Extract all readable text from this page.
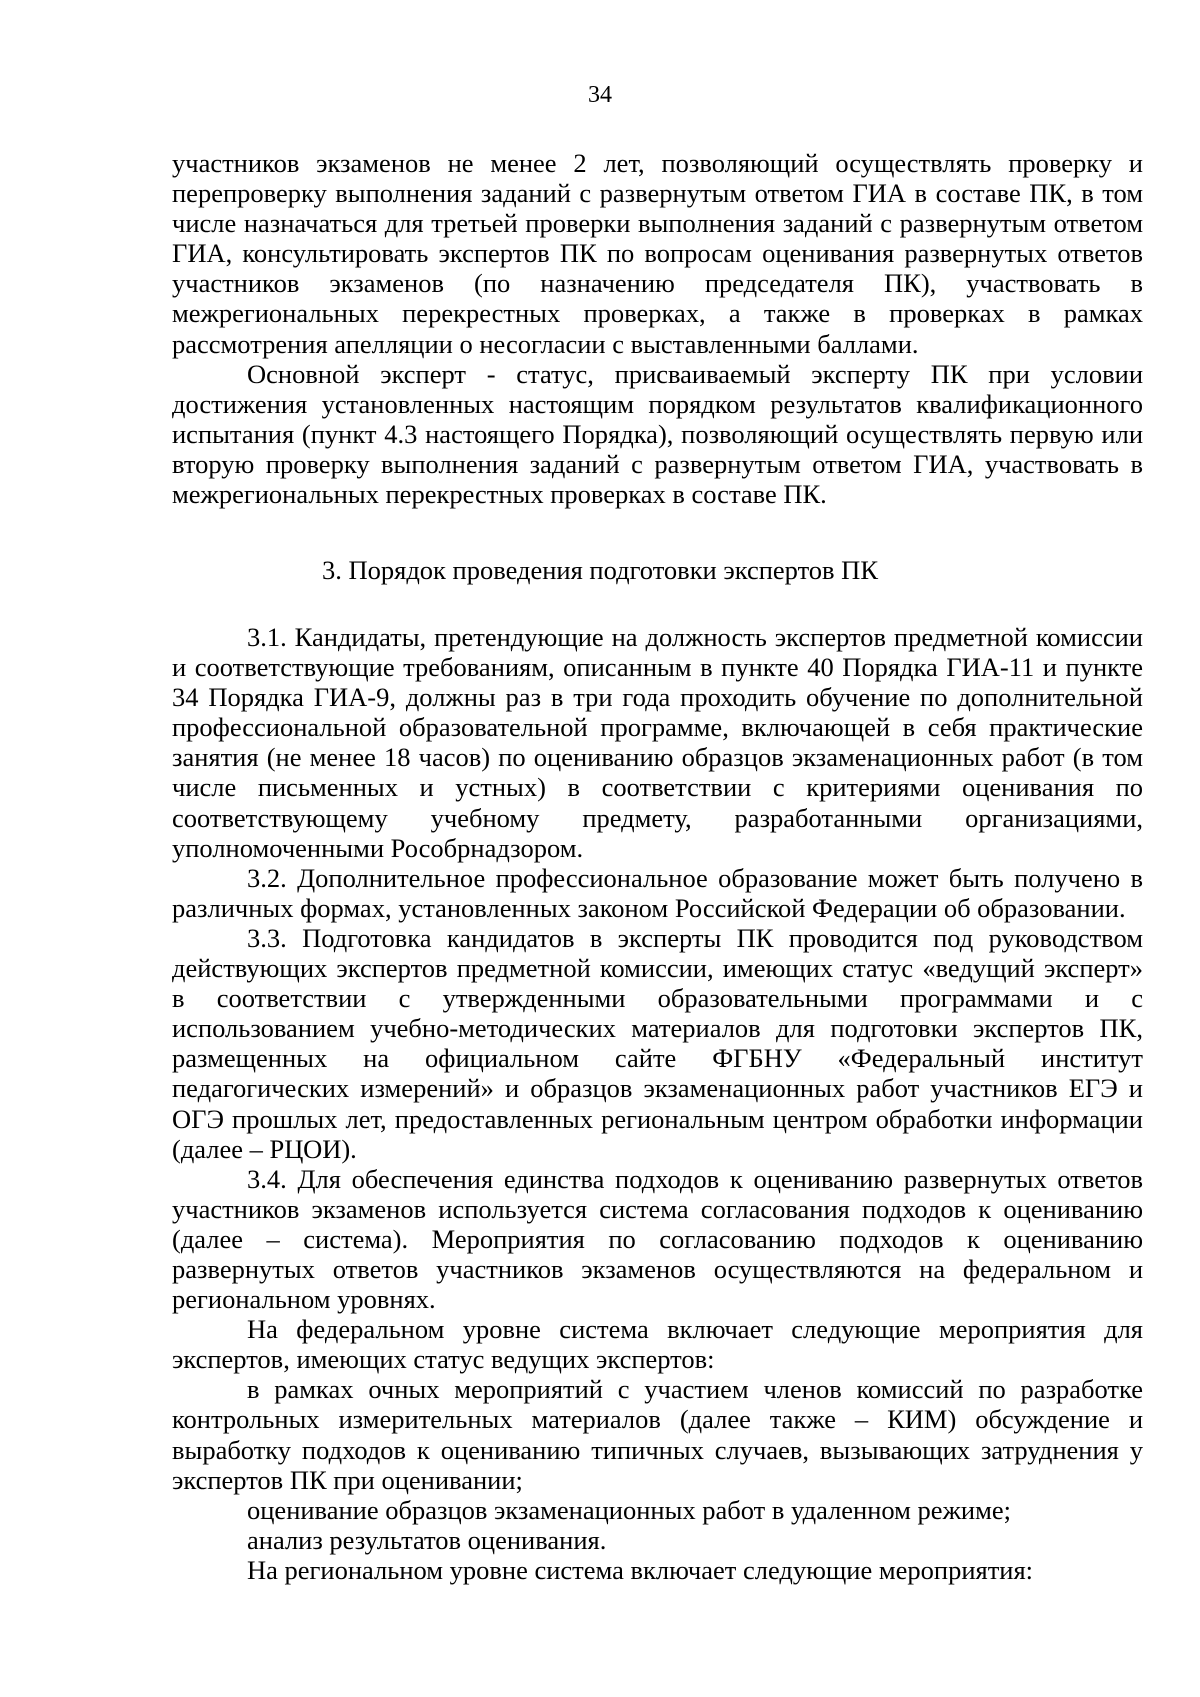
34

участников экзаменов не менее 2 лет, позволяющий осуществлять проверку и перепроверку выполнения заданий с развернутым ответом ГИА в составе ПК, в том числе назначаться для третьей проверки выполнения заданий с развернутым ответом ГИА, консультировать экспертов ПК по вопросам оценивания развернутых ответов участников экзаменов (по назначению председателя ПК), участвовать в межрегиональных перекрестных проверках, а также в проверках в рамках рассмотрения апелляции о несогласии с выставленными баллами.

Основной эксперт - статус, присваиваемый эксперту ПК при условии достижения установленных настоящим порядком результатов квалификационного испытания (пункт 4.3 настоящего Порядка), позволяющий осуществлять первую или вторую проверку выполнения заданий с развернутым ответом ГИА, участвовать в межрегиональных перекрестных проверках в составе ПК.

3. Порядок проведения подготовки экспертов ПК

3.1. Кандидаты, претендующие на должность экспертов предметной комиссии и соответствующие требованиям, описанным в пункте 40 Порядка ГИА-11 и пункте 34 Порядка ГИА-9, должны раз в три года проходить обучение по дополнительной профессиональной образовательной программе, включающей в себя практические занятия (не менее 18 часов) по оцениванию образцов экзаменационных работ (в том числе письменных и устных) в соответствии с критериями оценивания по соответствующему учебному предмету, разработанными организациями, уполномоченными Рособрнадзором.

3.2. Дополнительное профессиональное образование может быть получено в различных формах, установленных законом Российской Федерации об образовании.

3.3. Подготовка кандидатов в эксперты ПК проводится под руководством действующих экспертов предметной комиссии, имеющих статус «ведущий эксперт» в соответствии с утвержденными образовательными программами и с использованием учебно-методических материалов для подготовки экспертов ПК, размещенных на официальном сайте ФГБНУ «Федеральный институт педагогических измерений» и образцов экзаменационных работ участников ЕГЭ и ОГЭ прошлых лет, предоставленных региональным центром обработки информации (далее – РЦОИ).

3.4. Для обеспечения единства подходов к оцениванию развернутых ответов участников экзаменов используется система согласования подходов к оцениванию (далее – система). Мероприятия по согласованию подходов к оцениванию развернутых ответов участников экзаменов осуществляются на федеральном и региональном уровнях.

На федеральном уровне система включает следующие мероприятия для экспертов, имеющих статус ведущих экспертов:

в рамках очных мероприятий с участием членов комиссий по разработке контрольных измерительных материалов (далее также – КИМ) обсуждение и выработку подходов к оцениванию типичных случаев, вызывающих затруднения у экспертов ПК при оценивании;

оценивание образцов экзаменационных работ в удаленном режиме;

анализ результатов оценивания.

На региональном уровне система включает следующие мероприятия:
